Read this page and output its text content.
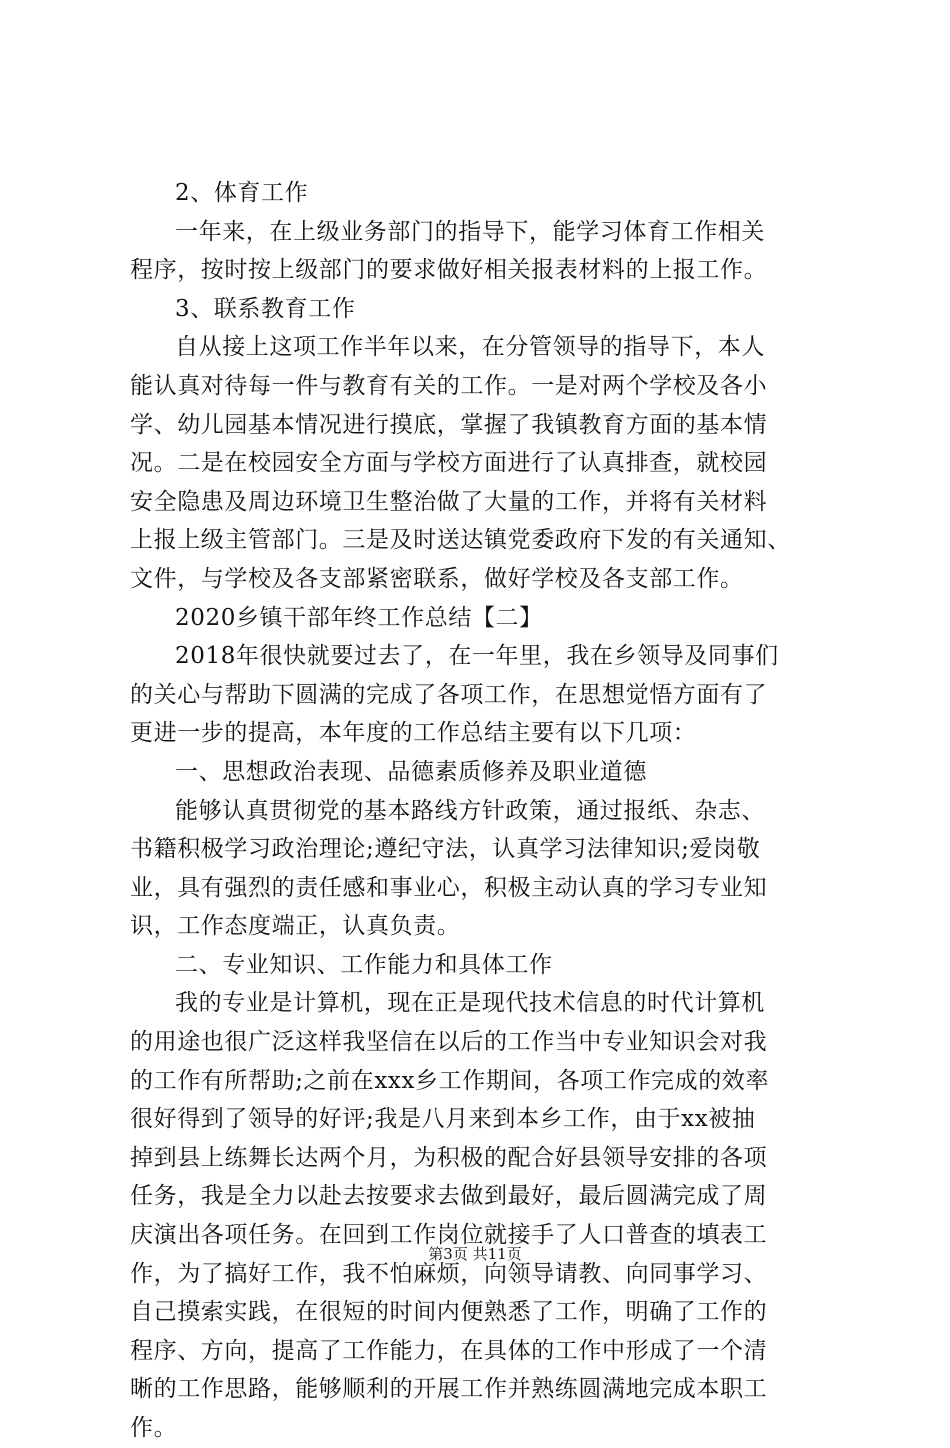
2、体育工作
一年来，在上级业务部门的指导下，能学习体育工作相关
程序，按时按上级部门的要求做好相关报表材料的上报工作。
3、联系教育工作
自从接上这项工作半年以来，在分管领导的指导下，本人
能认真对待每一件与教育有关的工作。一是对两个学校及各小
学、幼儿园基本情况进行摸底，掌握了我镇教育方面的基本情
况。二是在校园安全方面与学校方面进行了认真排查，就校园
安全隐患及周边环境卫生整治做了大量的工作，并将有关材料
上报上级主管部门。三是及时送达镇党委政府下发的有关通知、
文件，与学校及各支部紧密联系，做好学校及各支部工作。
2020乡镇干部年终工作总结【二】
2018年很快就要过去了，在一年里，我在乡领导及同事们
的关心与帮助下圆满的完成了各项工作，在思想觉悟方面有了
更进一步的提高，本年度的工作总结主要有以下几项：
一、思想政治表现、品德素质修养及职业道德
能够认真贯彻党的基本路线方针政策，通过报纸、杂志、
书籍积极学习政治理论;遵纪守法，认真学习法律知识;爱岗敬
业，具有强烈的责任感和事业心，积极主动认真的学习专业知
识，工作态度端正，认真负责。
二、专业知识、工作能力和具体工作
我的专业是计算机，现在正是现代技术信息的时代计算机
的用途也很广泛这样我坚信在以后的工作当中专业知识会对我
的工作有所帮助;之前在xxx乡工作期间，各项工作完成的效率
很好得到了领导的好评;我是八月来到本乡工作，由于xx被抽
掉到县上练舞长达两个月，为积极的配合好县领导安排的各项
任务，我是全力以赴去按要求去做到最好，最后圆满完成了周
庆演出各项任务。在回到工作岗位就接手了人口普查的填表工
作，为了搞好工作，我不怕麻烦，向领导请教、向同事学习、
自己摸索实践，在很短的时间内便熟悉了工作，明确了工作的
程序、方向，提高了工作能力，在具体的工作中形成了一个清
晰的工作思路，能够顺利的开展工作并熟练圆满地完成本职工
作。
第3页 共11页
